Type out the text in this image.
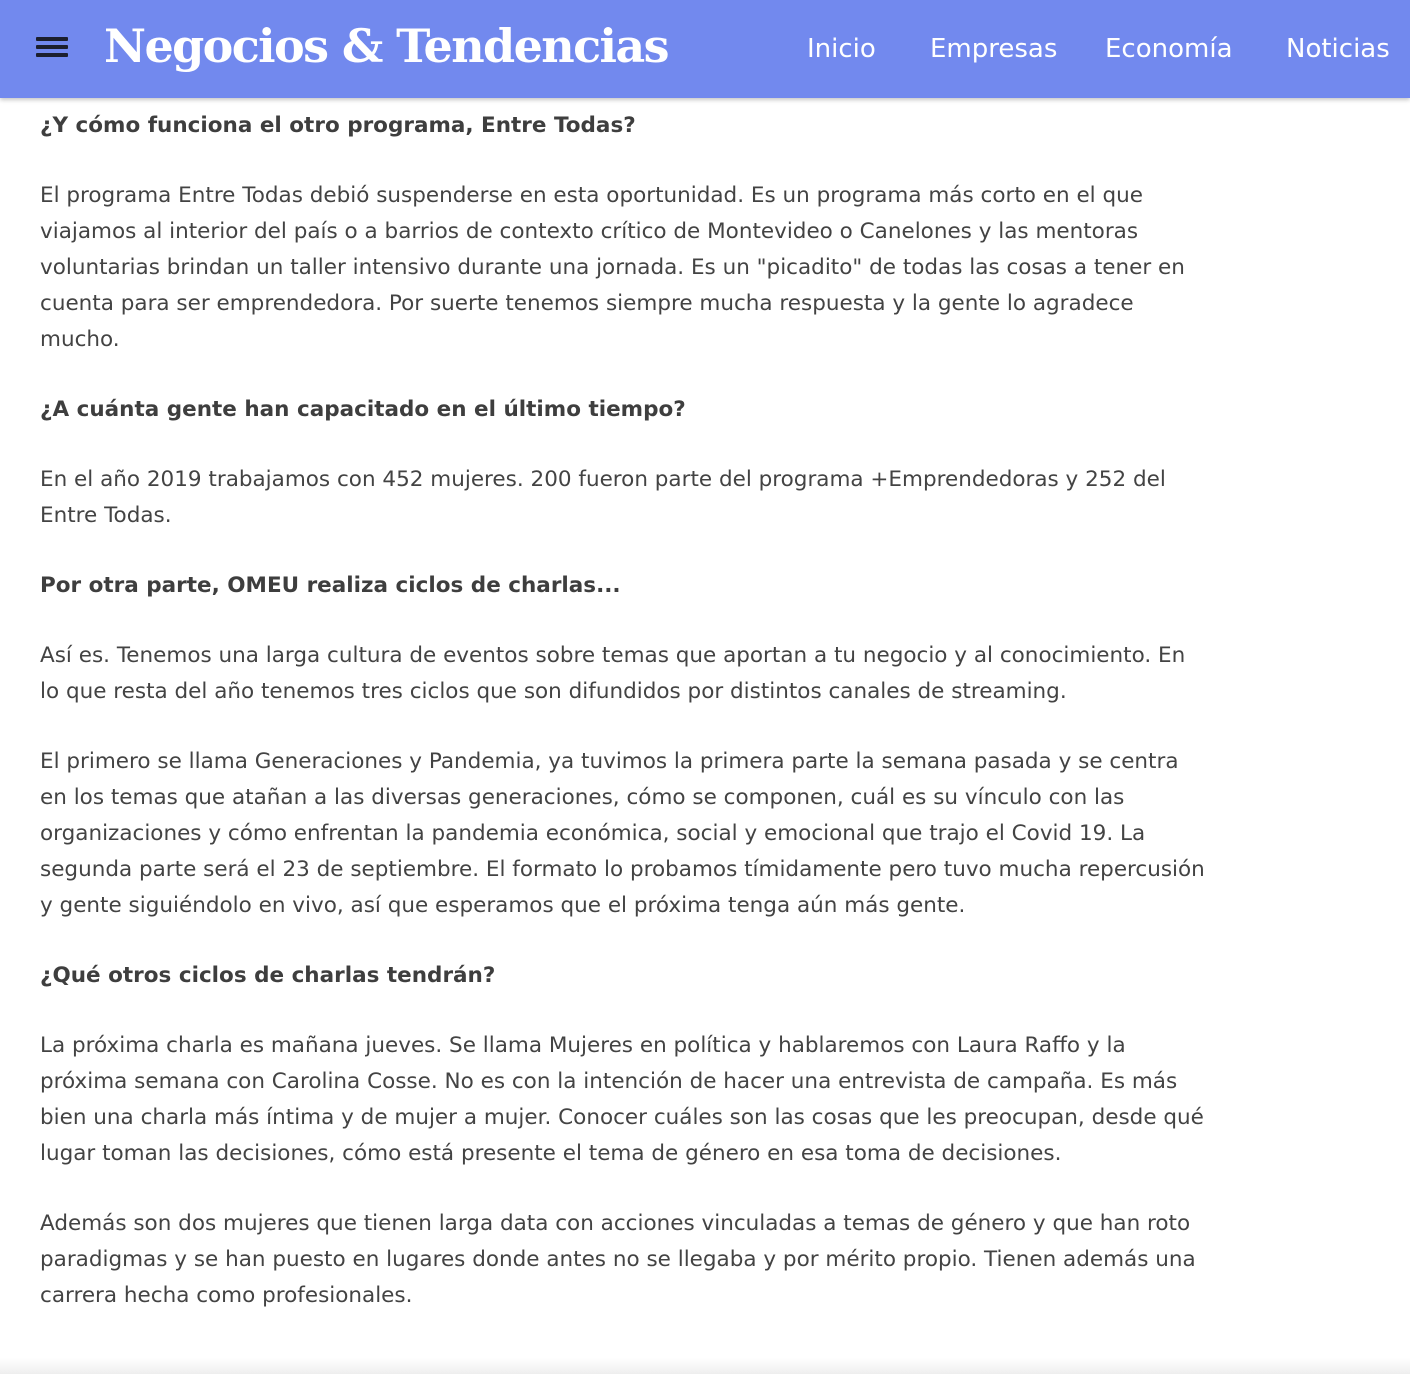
Negocios & Tendencias	Inicio Empresas Economía Noticias

¿Y cómo funciona el otro programa, Entre Todas?

El programa Entre Todas debió suspenderse en esta oportunidad. Es un programa más corto en el que viajamos al interior del país o a barrios de contexto crítico de Montevideo o Canelones y las mentoras voluntarias brindan un taller intensivo durante una jornada. Es un "picadito" de todas las cosas a tener en cuenta para ser emprendedora. Por suerte tenemos siempre mucha respuesta y la gente lo agradece mucho.

¿A cuánta gente han capacitado en el último tiempo?

En el año 2019 trabajamos con 452 mujeres. 200 fueron parte del programa +Emprendedoras y 252 del Entre Todas.

Por otra parte, OMEU realiza ciclos de charlas...

Así es. Tenemos una larga cultura de eventos sobre temas que aportan a tu negocio y al conocimiento. En lo que resta del año tenemos tres ciclos que son difundidos por distintos canales de streaming.

El primero se llama Generaciones y Pandemia, ya tuvimos la primera parte la semana pasada y se centra en los temas que atañan a las diversas generaciones, cómo se componen, cuál es su vínculo con las organizaciones y cómo enfrentan la pandemia económica, social y emocional que trajo el Covid 19. La segunda parte será el 23 de septiembre. El formato lo probamos tímidamente pero tuvo mucha repercusión y gente siguiéndolo en vivo, así que esperamos que el próxima tenga aún más gente.

¿Qué otros ciclos de charlas tendrán?

La próxima charla es mañana jueves. Se llama Mujeres en política y hablaremos con Laura Raffo y la próxima semana con Carolina Cosse. No es con la intención de hacer una entrevista de campaña. Es más bien una charla más íntima y de mujer a mujer. Conocer cuáles son las cosas que les preocupan, desde qué lugar toman las decisiones, cómo está presente el tema de género en esa toma de decisiones.

Además son dos mujeres que tienen larga data con acciones vinculadas a temas de género y que han roto paradigmas y se han puesto en lugares donde antes no se llegaba y por mérito propio. Tienen además una carrera hecha como profesionales.
